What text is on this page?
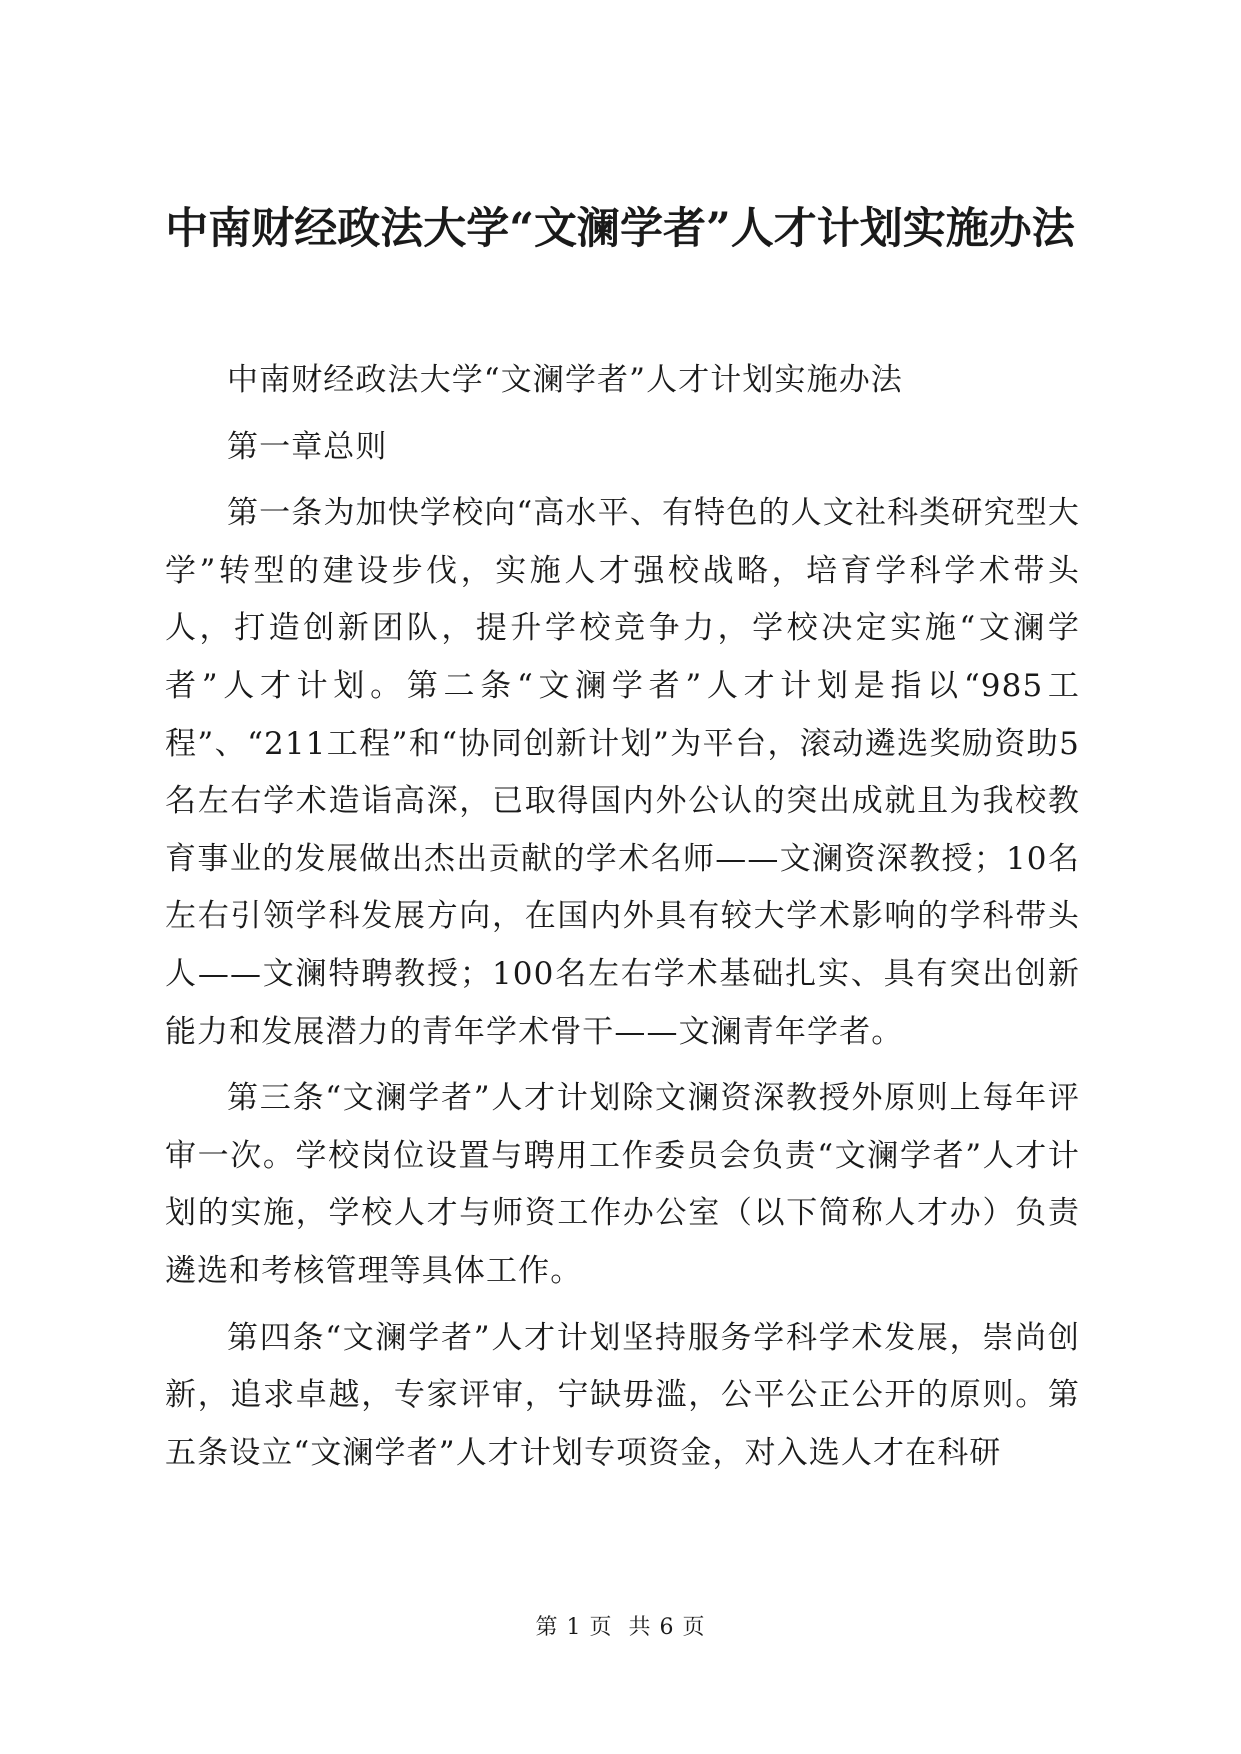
中南财经政法大学“文澜学者”人才计划实施办法

中南财经政法大学“文澜学者”人才计划实施办法

第一章总则

第一条为加快学校向“高水平、有特色的人文社科类研究型大学”转型的建设步伐，实施人才强校战略，培育学科学术带头人，打造创新团队，提升学校竞争力，学校决定实施“文澜学者”人才计划。第二条“文澜学者”人才计划是指以“985工程”、“211工程”和“协同创新计划”为平台，滚动遴选奖励资助5名左右学术造诣高深，已取得国内外公认的突出成就且为我校教育事业的发展做出杰出贡献的学术名师——文澜资深教授；10名左右引领学科发展方向，在国内外具有较大学术影响的学科带头人——文澜特聘教授；100名左右学术基础扎实、具有突出创新能力和发展潜力的青年学术骨干——文澜青年学者。

第三条“文澜学者”人才计划除文澜资深教授外原则上每年评审一次。学校岗位设置与聘用工作委员会负责“文澜学者”人才计划的实施，学校人才与师资工作办公室（以下简称人才办）负责遴选和考核管理等具体工作。

第四条“文澜学者”人才计划坚持服务学科学术发展，崇尚创新，追求卓越，专家评审，宁缺毋滥，公平公正公开的原则。第五条设立“文澜学者”人才计划专项资金，对入选人才在科研

第 1 页  共 6 页
